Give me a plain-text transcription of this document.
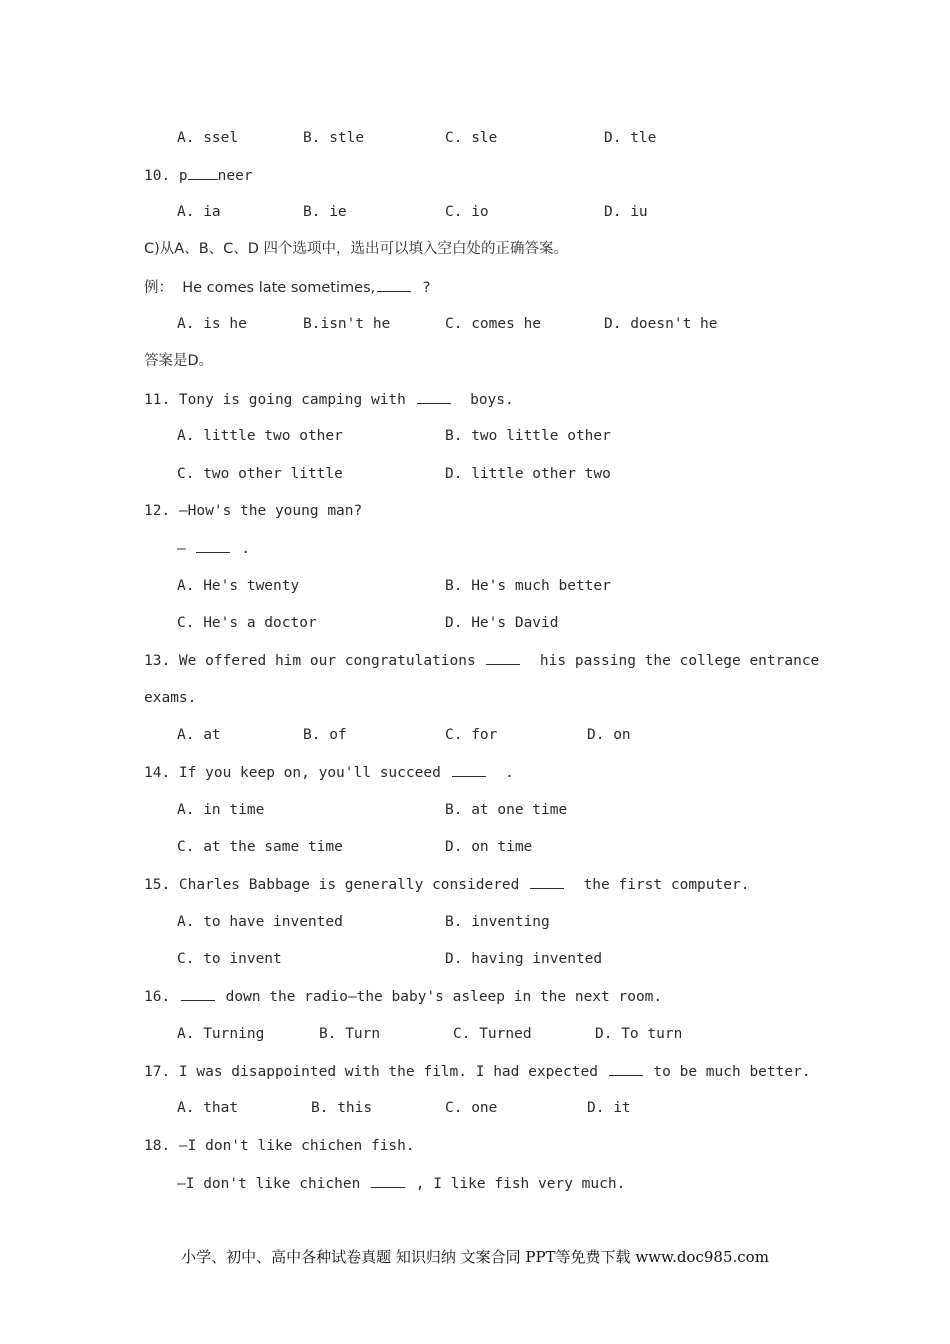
A. ssel	B. stle	C. sle	D. tle
10. p neer
A. ia	B. ie	C. io	D. iu
C)从A、B、C、D 四个选项中，选出可以填入空白处的正确答案。
例：  He comes late sometimes,	?
A. is he	B.isn't he	C. comes he	D. doesn't he
答案是D。
11. Tony is going camping with	boys.
A. little two other	B. two little other
C. two other little	D. little other two
12. —How's the young man?
—	.
A. He's twenty	B. He's much better
C. He's a doctor	D. He's David
13. We offered him our congratulations	his passing the college entrance
exams.
A. at	B. of	C. for	D. on
14. If you keep on, you'll succeed	.
A. in time	B. at one time
C. at the same time	D. on time
15. Charles Babbage is generally considered	the first computer.
A. to have invented	B. inventing
C. to invent	D. having invented
16.	down the radio—the baby's asleep in the next room.
A. Turning	B. Turn	C. Turned	D. To turn
17. I was disappointed with the film. I had expected	to be much better.
A. that	B. this	C. one	D. it
18. —I don't like chichen fish.
—I don't like chichen	, I like fish very much.
小学、初中、高中各种试卷真题 知识归纳 文案合同 PPT等免费下载 www.doc985.com
